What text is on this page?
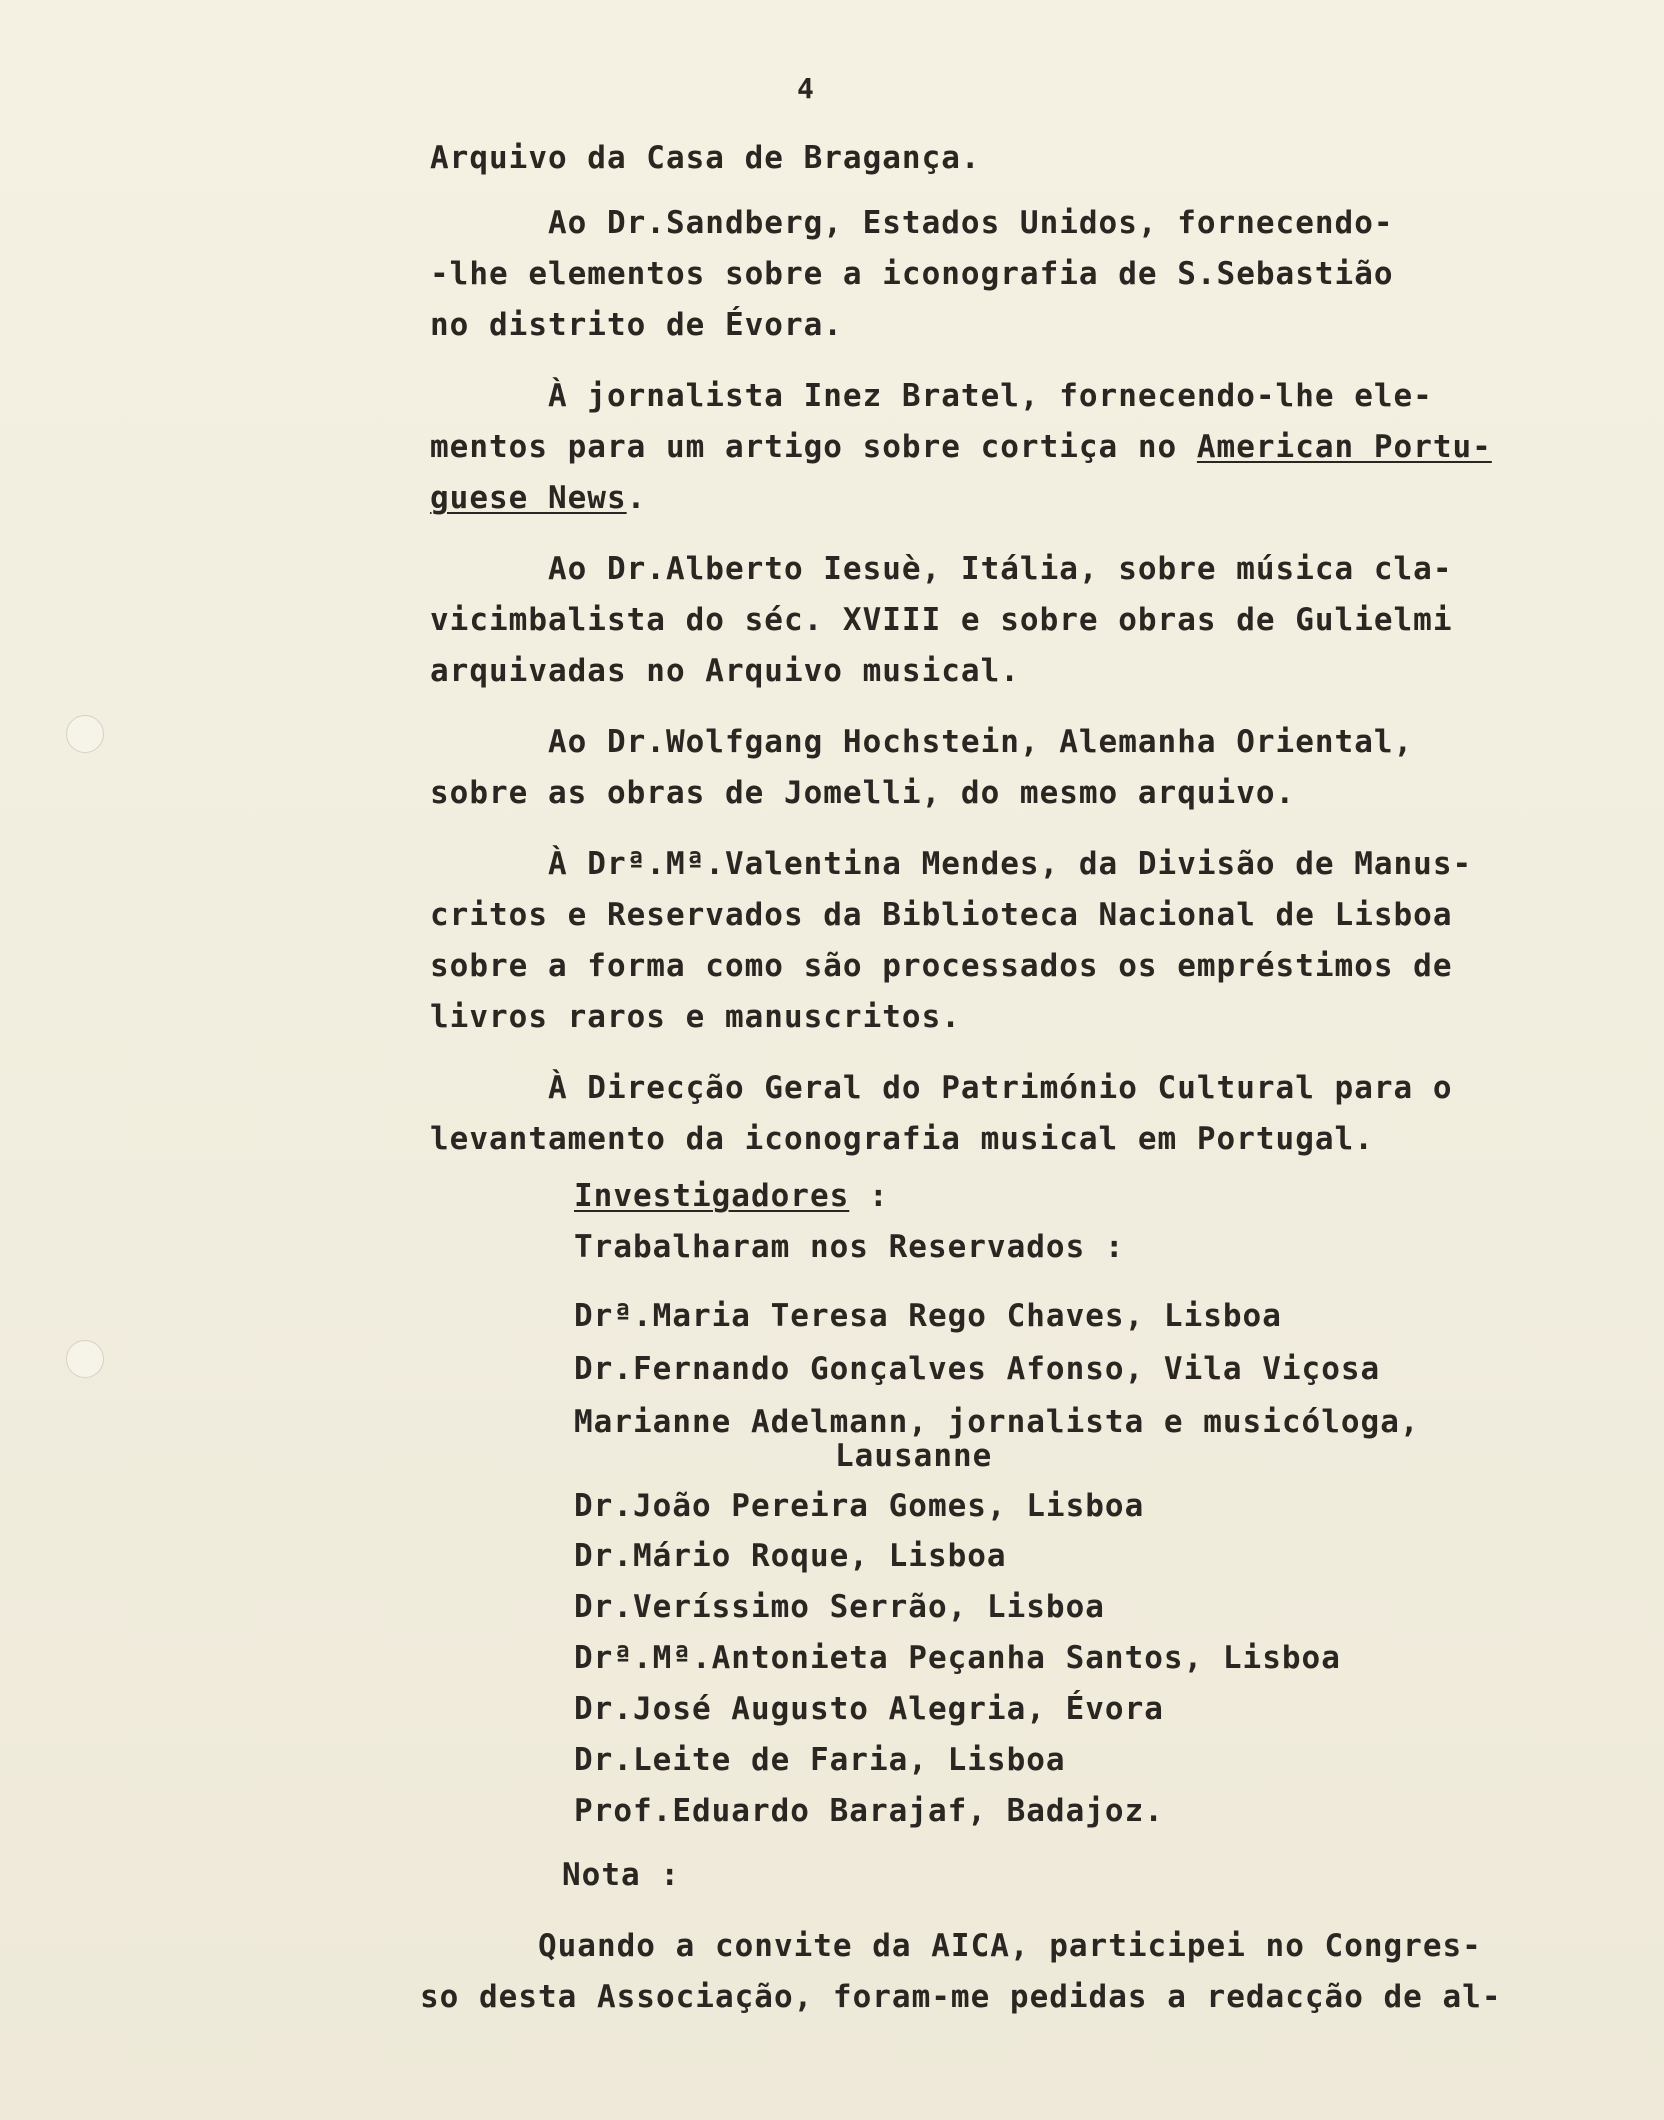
4
Arquivo da Casa de Bragança.
Ao Dr.Sandberg, Estados Unidos, fornecendo-
-lhe elementos sobre a iconografia de S.Sebastião
no distrito de Évora.
À jornalista Inez Bratel, fornecendo-lhe ele-
mentos para um artigo sobre cortiça no American Portu-
guese News.
Ao Dr.Alberto Iesuè, Itália, sobre música cla-
vicimbalista do séc. XVIII e sobre obras de Gulielmi
arquivadas no Arquivo musical.
Ao Dr.Wolfgang Hochstein, Alemanha Oriental,
sobre as obras de Jomelli, do mesmo arquivo.
À Drª.Mª.Valentina Mendes, da Divisão de Manus-
critos e Reservados da Biblioteca Nacional de Lisboa
sobre a forma como são processados os empréstimos de
livros raros e manuscritos.
À Direcção Geral do Património Cultural para o
levantamento da iconografia musical em Portugal.
Investigadores :
Trabalharam nos Reservados :
Drª.Maria Teresa Rego Chaves, Lisboa
Dr.Fernando Gonçalves Afonso, Vila Viçosa
Marianne Adelmann, jornalista e musicóloga,
Lausanne
Dr.João Pereira Gomes, Lisboa
Dr.Mário Roque, Lisboa
Dr.Veríssimo Serrão, Lisboa
Drª.Mª.Antonieta Peçanha Santos, Lisboa
Dr.José Augusto Alegria, Évora
Dr.Leite de Faria, Lisboa
Prof.Eduardo Barajaf, Badajoz.
Nota :
Quando a convite da AICA, participei no Congres-
so desta Associação, foram-me pedidas a redacção de al-
